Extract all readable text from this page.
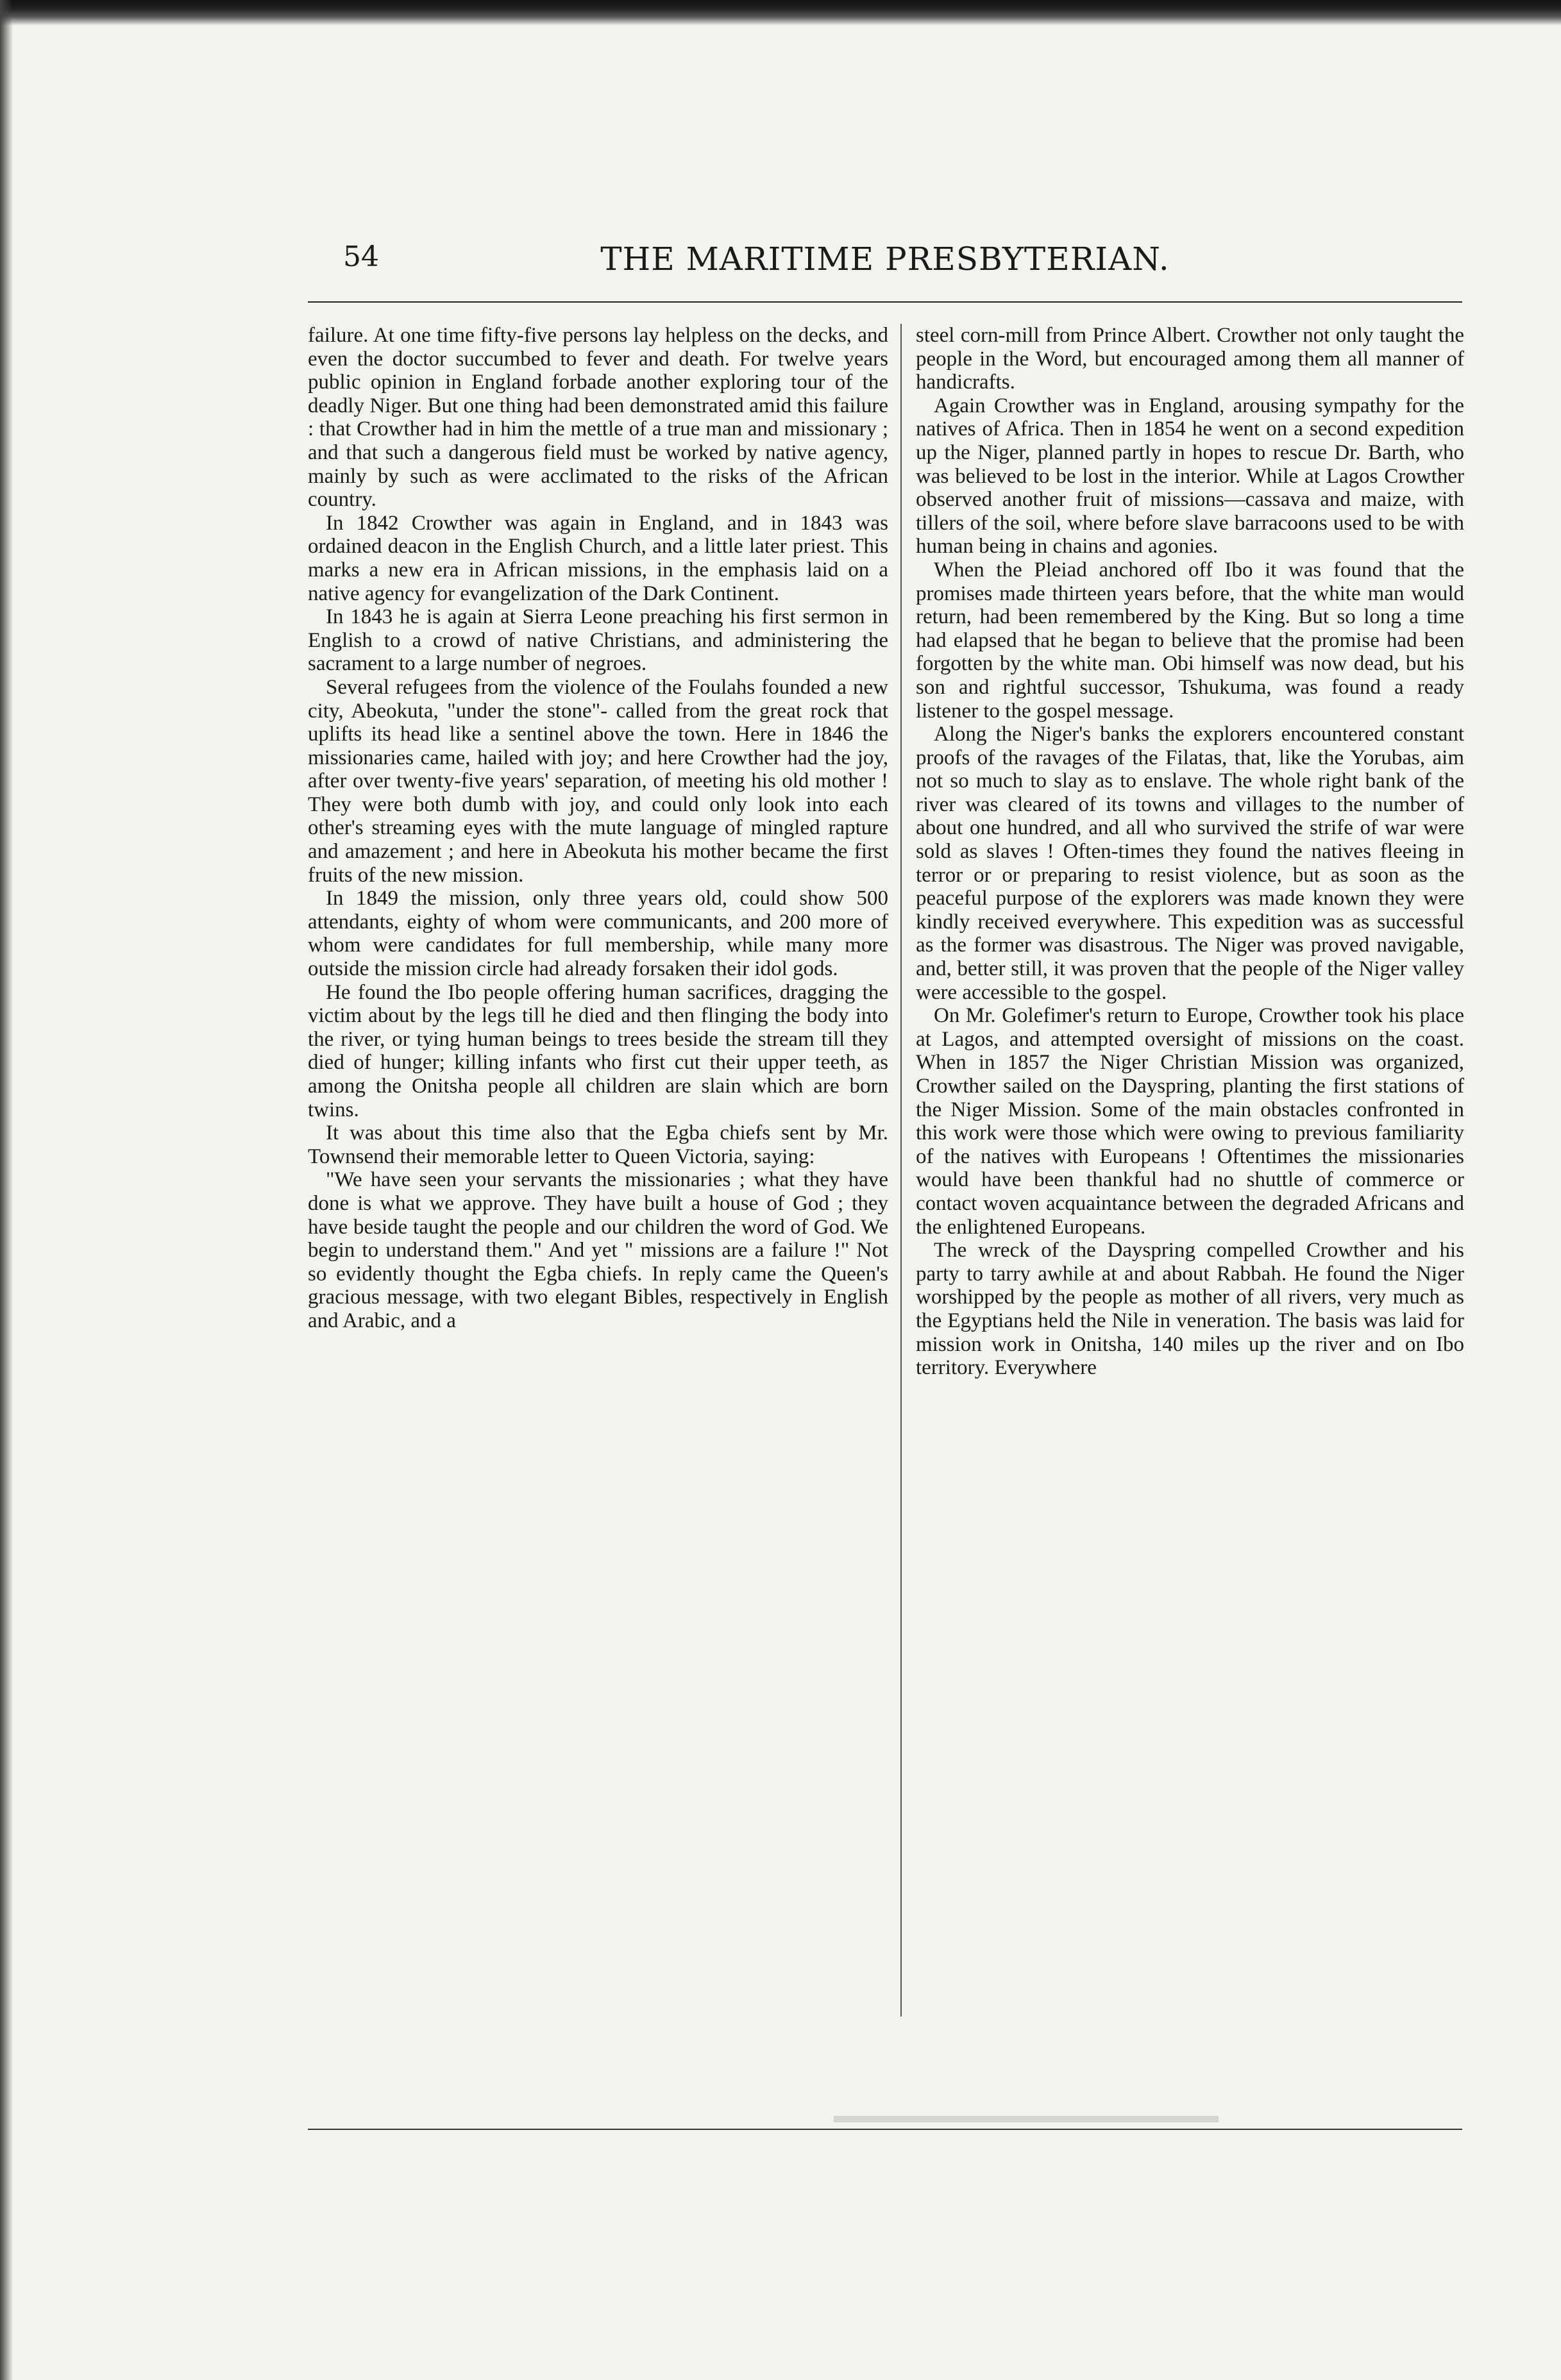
54	THE MARITIME PRESBYTERIAN.

failure. At one time fifty-five persons lay helpless on the decks, and even the doctor succumbed to fever and death. For twelve years public opinion in England forbade another exploring tour of the deadly Niger. But one thing had been demonstrated amid this failure : that Crowther had in him the mettle of a true man and missionary ; and that such a dangerous field must be worked by native agency, mainly by such as were acclimated to the risks of the African country.

In 1842 Crowther was again in England, and in 1843 was ordained deacon in the English Church, and a little later priest. This marks a new era in African missions, in the emphasis laid on a native agency for evangelization of the Dark Continent.

In 1843 he is again at Sierra Leone preaching his first sermon in English to a crowd of native Christians, and administering the sacrament to a large number of negroes.

Several refugees from the violence of the Foulahs founded a new city, Abeokuta, "under the stone"- called from the great rock that uplifts its head like a sentinel above the town. Here in 1846 the missionaries came, hailed with joy; and here Crowther had the joy, after over twenty-five years' separation, of meeting his old mother ! They were both dumb with joy, and could only look into each other's streaming eyes with the mute language of mingled rapture and amazement ; and here in Abeokuta his mother became the first fruits of the new mission.

In 1849 the mission, only three years old, could show 500 attendants, eighty of whom were communicants, and 200 more of whom were candidates for full membership, while many more outside the mission circle had already forsaken their idol gods.

He found the Ibo people offering human sacrifices, dragging the victim about by the legs till he died and then flinging the body into the river, or tying human beings to trees beside the stream till they died of hunger; killing infants who first cut their upper teeth, as among the Onitsha people all children are slain which are born twins.

It was about this time also that the Egba chiefs sent by Mr. Townsend their memorable letter to Queen Victoria, saying:

"We have seen your servants the missionaries ; what they have done is what we approve. They have built a house of God ; they have beside taught the people and our children the word of God. We begin to understand them." And yet " missions are a failure !" Not so evidently thought the Egba chiefs. In reply came the Queen's gracious message, with two elegant Bibles, respectively in English and Arabic, and a

steel corn-mill from Prince Albert. Crowther not only taught the people in the Word, but encouraged among them all manner of handicrafts.

Again Crowther was in England, arousing sympathy for the natives of Africa. Then in 1854 he went on a second expedition up the Niger, planned partly in hopes to rescue Dr. Barth, who was believed to be lost in the interior. While at Lagos Crowther observed another fruit of missions—cassava and maize, with tillers of the soil, where before slave barracoons used to be with human being in chains and agonies.

When the Pleiad anchored off Ibo it was found that the promises made thirteen years before, that the white man would return, had been remembered by the King. But so long a time had elapsed that he began to believe that the promise had been forgotten by the white man. Obi himself was now dead, but his son and rightful successor, Tshukuma, was found a ready listener to the gospel message.

Along the Niger's banks the explorers encountered constant proofs of the ravages of the Filatas, that, like the Yorubas, aim not so much to slay as to enslave. The whole right bank of the river was cleared of its towns and villages to the number of about one hundred, and all who survived the strife of war were sold as slaves ! Often-times they found the natives fleeing in terror or or preparing to resist violence, but as soon as the peaceful purpose of the explorers was made known they were kindly received everywhere. This expedition was as successful as the former was disastrous. The Niger was proved navigable, and, better still, it was proven that the people of the Niger valley were accessible to the gospel.

On Mr. Golefimer's return to Europe, Crowther took his place at Lagos, and attempted oversight of missions on the coast. When in 1857 the Niger Christian Mission was organized, Crowther sailed on the Dayspring, planting the first stations of the Niger Mission. Some of the main obstacles confronted in this work were those which were owing to previous familiarity of the natives with Europeans ! Oftentimes the missionaries would have been thankful had no shuttle of commerce or contact woven acquaintance between the degraded Africans and the enlightened Europeans.

The wreck of the Dayspring compelled Crowther and his party to tarry awhile at and about Rabbah. He found the Niger worshipped by the people as mother of all rivers, very much as the Egyptians held the Nile in veneration. The basis was laid for mission work in Onitsha, 140 miles up the river and on Ibo territory. Everywhere
